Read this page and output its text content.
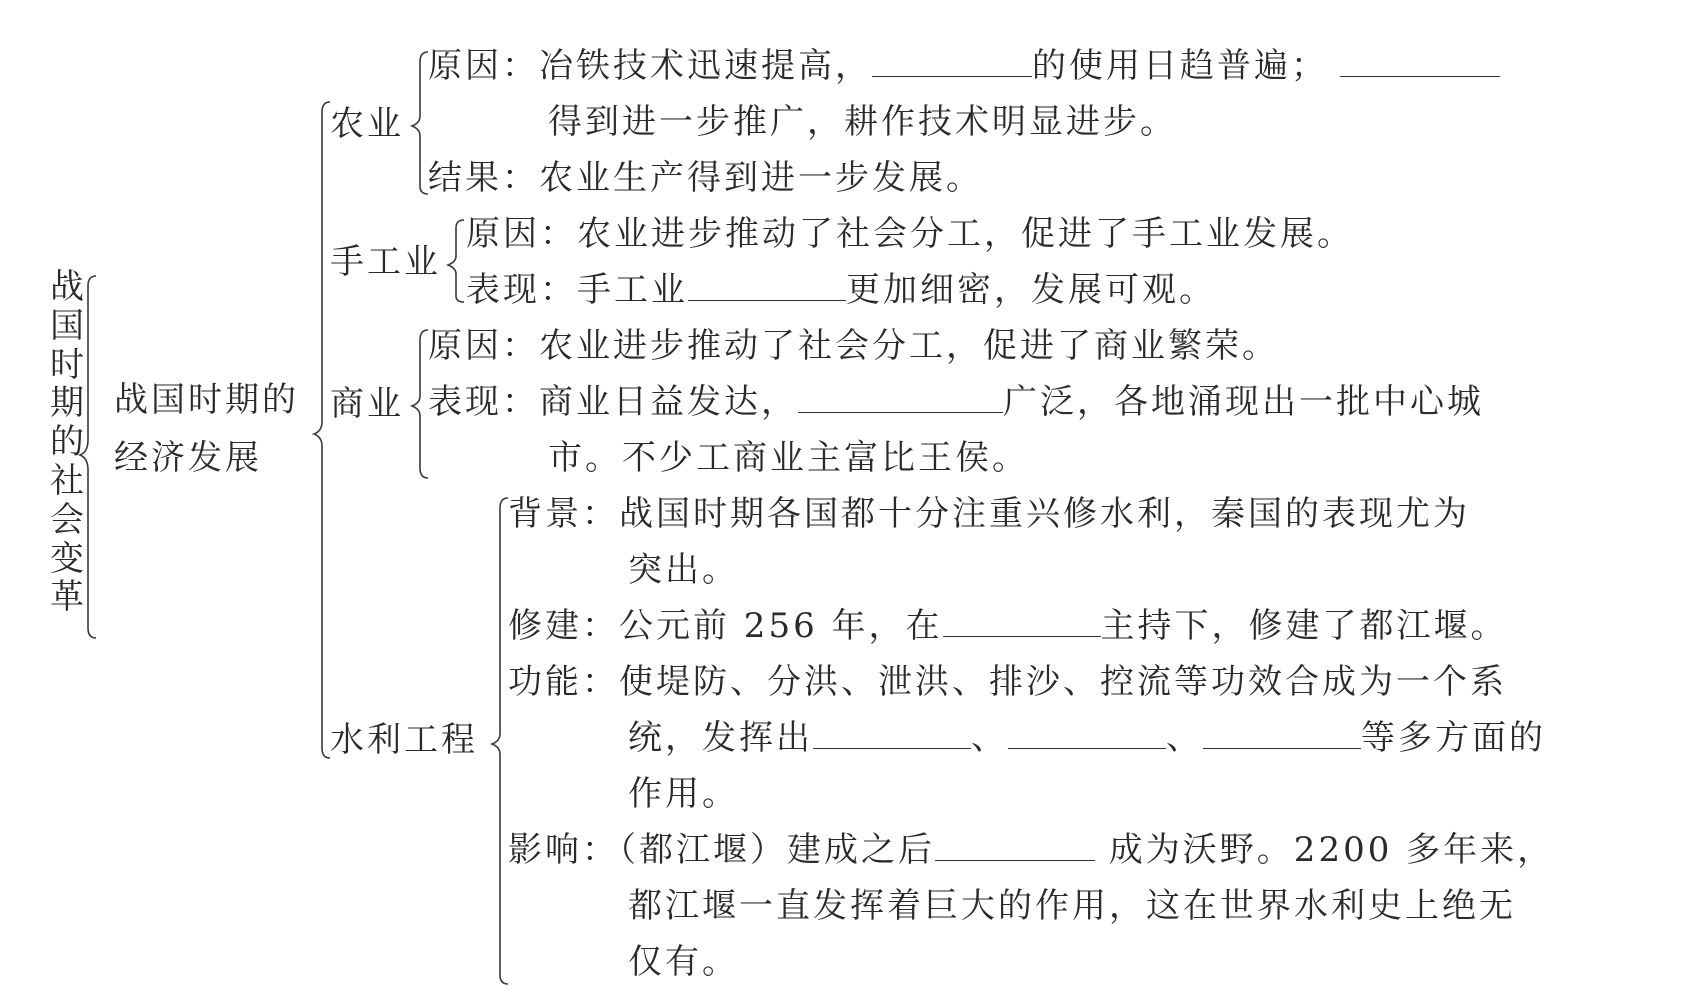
战
国
时
期
的
社
会
变
革
战国时期的
经济发展
农业
原因：冶铁技术迅速提高，	的使用日趋普遍；
得到进一步推广，耕作技术明显进步。
结果：农业生产得到进一步发展。
手工业
原因：农业进步推动了社会分工，促进了手工业发展。
表现：手工业	更加细密，发展可观。
商业
原因：农业进步推动了社会分工，促进了商业繁荣。
表现：商业日益发达，	广泛，各地涌现出一批中心城
市。不少工商业主富比王侯。
水利工程
背景：战国时期各国都十分注重兴修水利，秦国的表现尤为
突出。
修建：公元前 256 年，在	主持下，修建了都江堰。
功能：使堤防、分洪、泄洪、排沙、控流等功效合成为一个系
统，发挥出	、	、	等多方面的
作用。
影响：（都江堰）建成之后	成为沃野。2200 多年来，
都江堰一直发挥着巨大的作用，这在世界水利史上绝无
仅有。
